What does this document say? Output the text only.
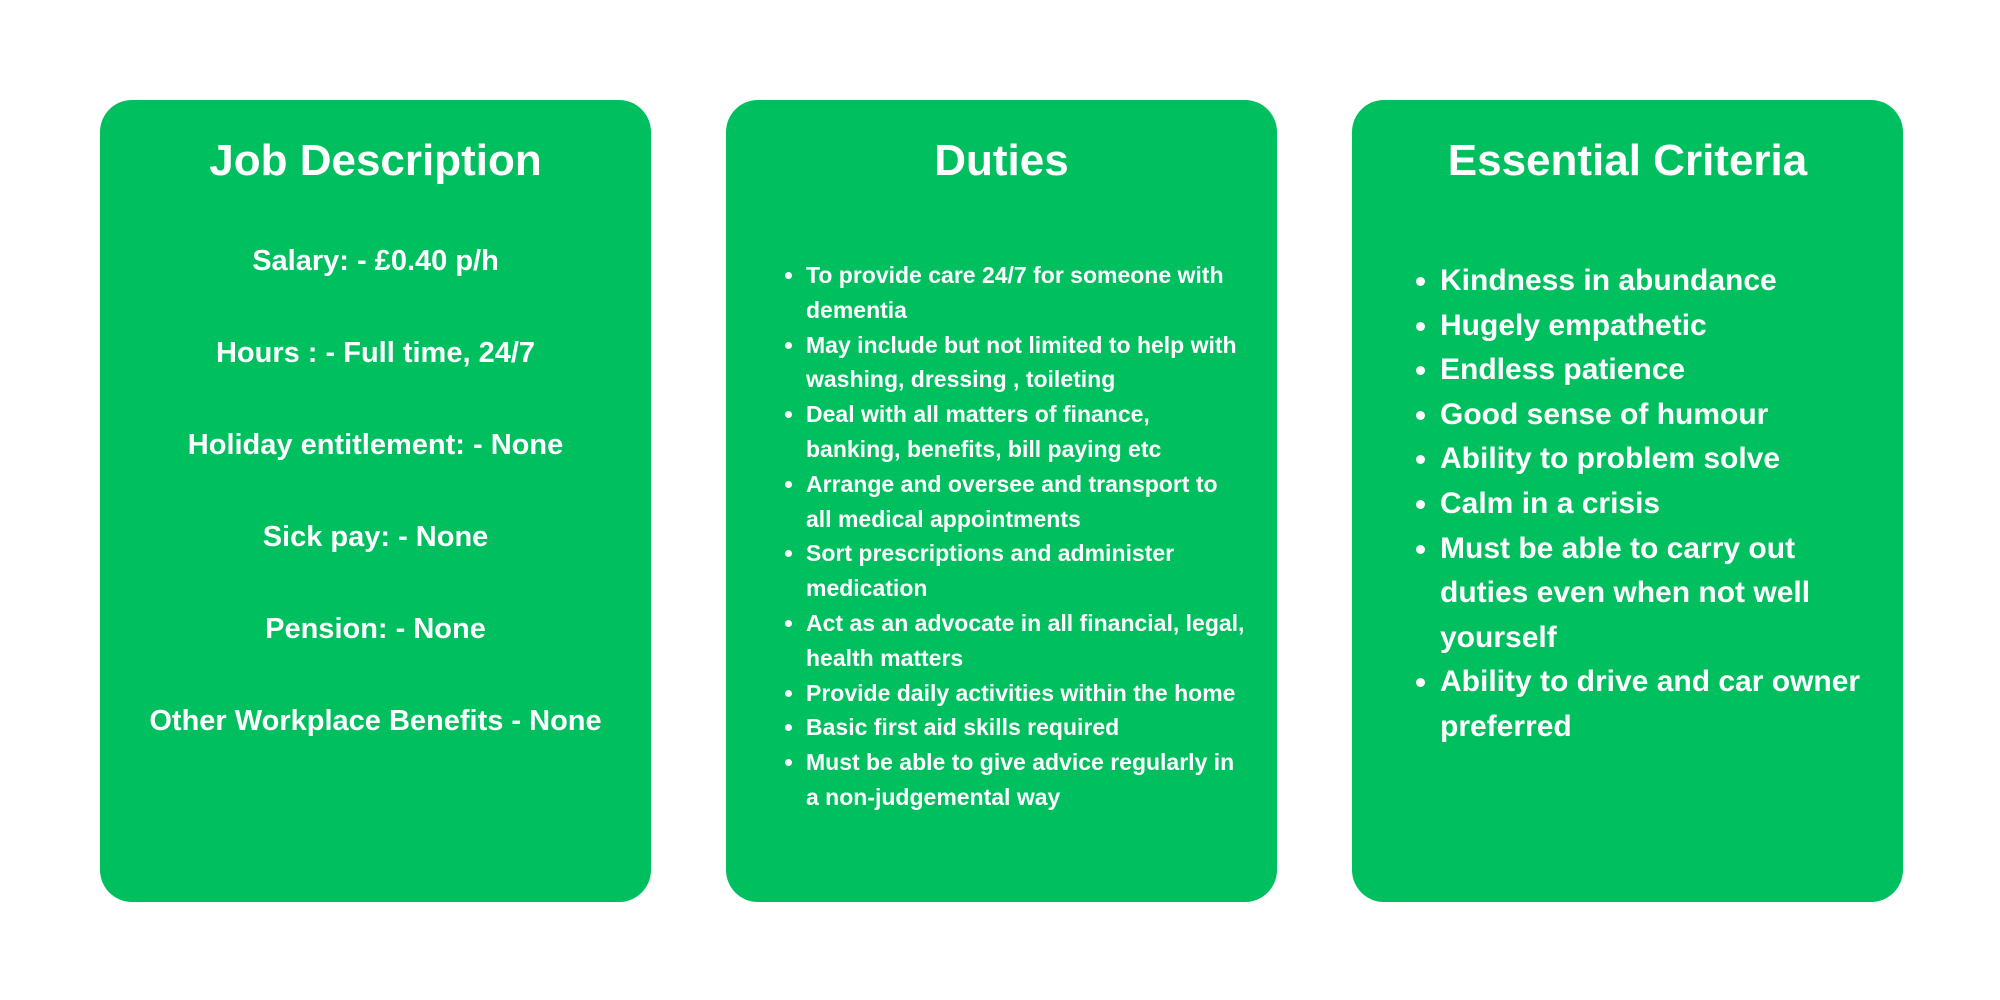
Job Description

Salary: - £0.40 p/h

Hours : - Full time, 24/7

Holiday entitlement: - None

Sick pay: - None

Pension: - None

Other Workplace Benefits - None

Duties
• To provide care 24/7 for someone with dementia
• May include but not limited to help with washing, dressing , toileting
• Deal with all matters of finance, banking, benefits, bill paying etc
• Arrange and oversee and transport to all medical appointments
• Sort prescriptions and administer medication
• Act as an advocate in all financial, legal, health matters
• Provide daily activities within the home
• Basic first aid skills required
• Must be able to give advice regularly in a non-judgemental way
Essential Criteria
• Kindness in abundance
• Hugely empathetic
• Endless patience
• Good sense of humour
• Ability to problem solve
• Calm in a crisis
• Must be able to carry out duties even when not well yourself
• Ability to drive and car owner preferred
